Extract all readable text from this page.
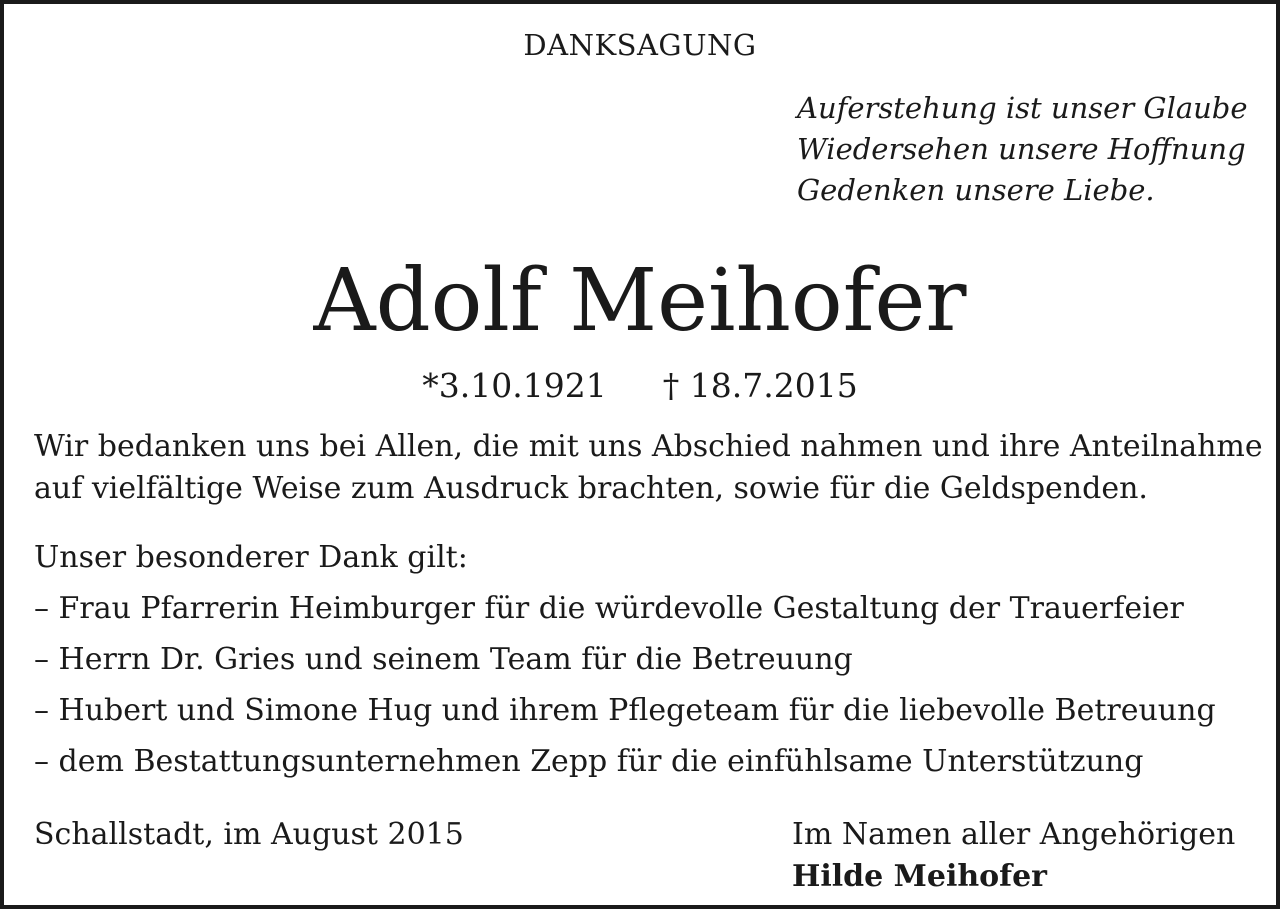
DANKSAGUNG
Auferstehung ist unser Glaube
Wiedersehen unsere Hoffnung
Gedenken unsere Liebe.
Adolf Meihofer
*3.10.1921 † 18.7.2015
Wir bedanken uns bei Allen, die mit uns Abschied nahmen und ihre Anteilnahme
auf vielfältige Weise zum Ausdruck brachten, sowie für die Geldspenden.
Unser besonderer Dank gilt:
– Frau Pfarrerin Heimburger für die würdevolle Gestaltung der Trauerfeier
– Herrn Dr. Gries und seinem Team für die Betreuung
– Hubert und Simone Hug und ihrem Pflegeteam für die liebevolle Betreuung
– dem Bestattungsunternehmen Zepp für die einfühlsame Unterstützung
Schallstadt, im August 2015	Im Namen aller Angehörigen
Hilde Meihofer
